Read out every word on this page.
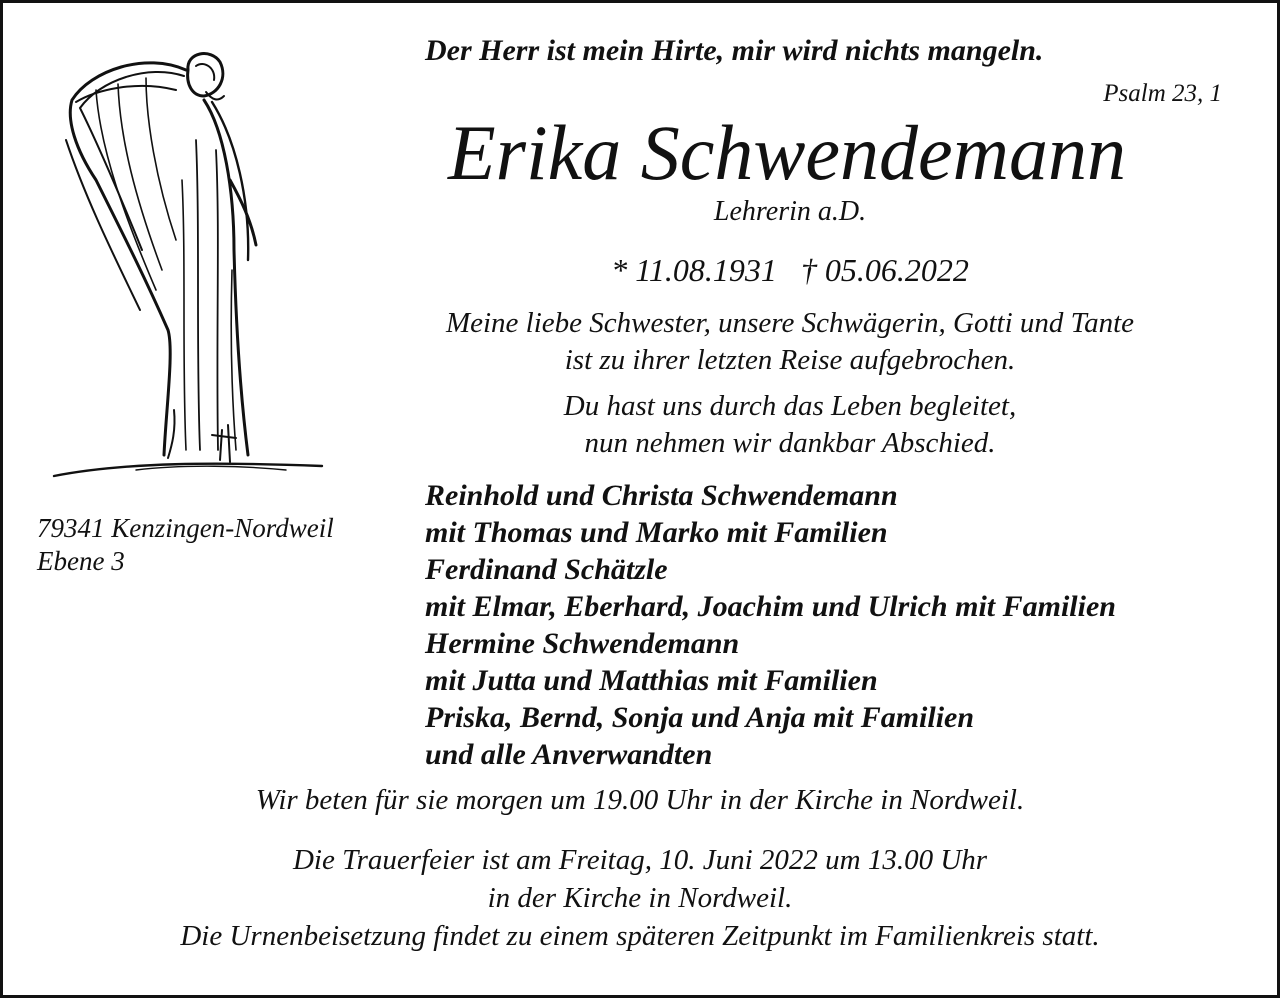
Der Herr ist mein Hirte, mir wird nichts mangeln.

Psalm 23, 1

Erika Schwendemann
Lehrerin a.D.
* 11.08.1931   † 05.06.2022
Meine liebe Schwester, unsere Schwägerin, Gotti und Tante
ist zu ihrer letzten Reise aufgebrochen.
Du hast uns durch das Leben begleitet,
nun nehmen wir dankbar Abschied.
79341 Kenzingen-Nordweil
Ebene 3
Reinhold und Christa Schwendemann
mit Thomas und Marko mit Familien
Ferdinand Schätzle
mit Elmar, Eberhard, Joachim und Ulrich mit Familien
Hermine Schwendemann
mit Jutta und Matthias mit Familien
Priska, Bernd, Sonja und Anja mit Familien
und alle Anverwandten
Wir beten für sie morgen um 19.00 Uhr in der Kirche in Nordweil.
Die Trauerfeier ist am Freitag, 10. Juni 2022 um 13.00 Uhr
in der Kirche in Nordweil.
Die Urnenbeisetzung findet zu einem späteren Zeitpunkt im Familienkreis statt.
